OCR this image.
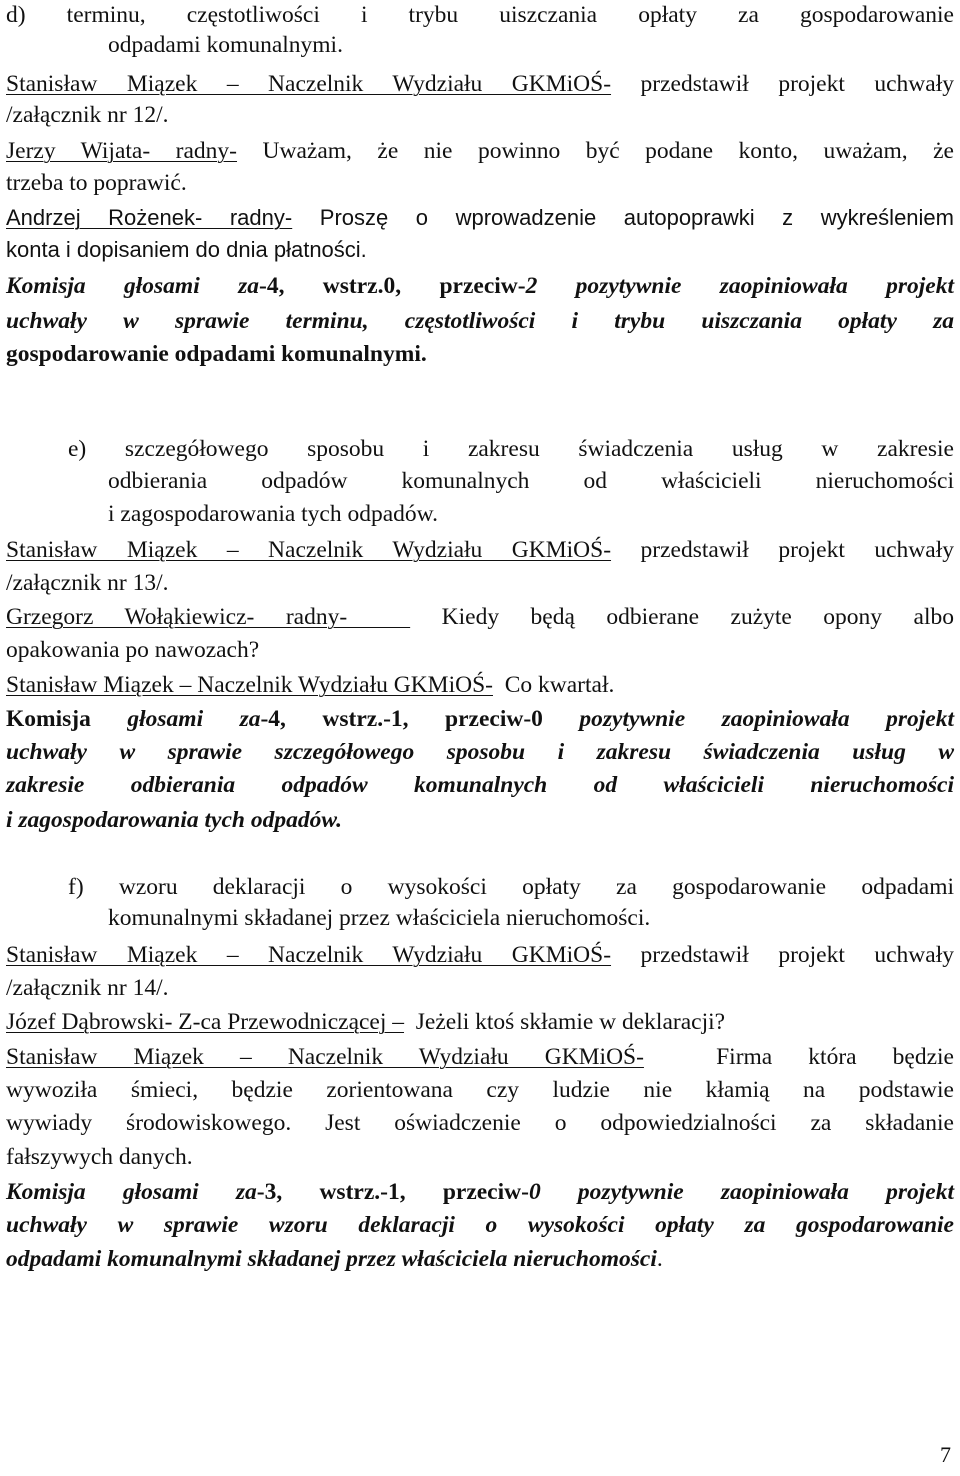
d) terminu, częstotliwości i trybu uiszczania opłaty za gospodarowanie
odpadami komunalnymi.
Stanisław Miązek – Naczelnik Wydziału GKMiOŚ- przedstawił projekt uchwały
/załącznik nr 12/.
Jerzy Wijata- radny- Uważam, że nie powinno być podane konto, uważam, że
trzeba to poprawić.
Andrzej Rożenek- radny- Proszę o wprowadzenie autopoprawki z wykreśleniem
konta i dopisaniem do dnia płatności.
Komisja głosami za-4, wstrz.0, przeciw-2 pozytywnie zaopiniowała projekt
uchwały w sprawie terminu, częstotliwości i trybu uiszczania opłaty za
gospodarowanie odpadami komunalnymi.
e) szczegółowego sposobu i zakresu świadczenia usług w zakresie
odbierania odpadów komunalnych od właścicieli nieruchomości
i zagospodarowania tych odpadów.
Stanisław Miązek – Naczelnik Wydziału GKMiOŚ- przedstawił projekt uchwały
/załącznik nr 13/.
Grzegorz Wołąkiewicz- radny-   Kiedy będą odbierane zużyte opony albo
opakowania po nawozach?
Stanisław Miązek – Naczelnik Wydziału GKMiOŚ-  Co kwartał.
Komisja głosami za-4, wstrz.-1, przeciw-0 pozytywnie zaopiniowała projekt
uchwały w sprawie szczegółowego sposobu i zakresu świadczenia usług w
zakresie odbierania odpadów komunalnych od właścicieli nieruchomości
i zagospodarowania tych odpadów.
f) wzoru deklaracji o wysokości opłaty za gospodarowanie odpadami
komunalnymi składanej przez właściciela nieruchomości.
Stanisław Miązek – Naczelnik Wydziału GKMiOŚ- przedstawił projekt uchwały
/załącznik nr 14/.
Józef Dąbrowski- Z-ca Przewodniczącej –  Jeżeli ktoś skłamie w deklaracji?
Stanisław Miązek – Naczelnik Wydziału GKMiOŚ-  Firma która będzie
wywoziła śmieci, będzie zorientowana czy ludzie nie kłamią na podstawie
wywiady środowiskowego. Jest oświadczenie o odpowiedzialności za składanie
fałszywych danych.
Komisja głosami za-3, wstrz.-1, przeciw-0 pozytywnie zaopiniowała projekt
uchwały w sprawie wzoru deklaracji o wysokości opłaty za gospodarowanie
odpadami komunalnymi składanej przez właściciela nieruchomości.
7
